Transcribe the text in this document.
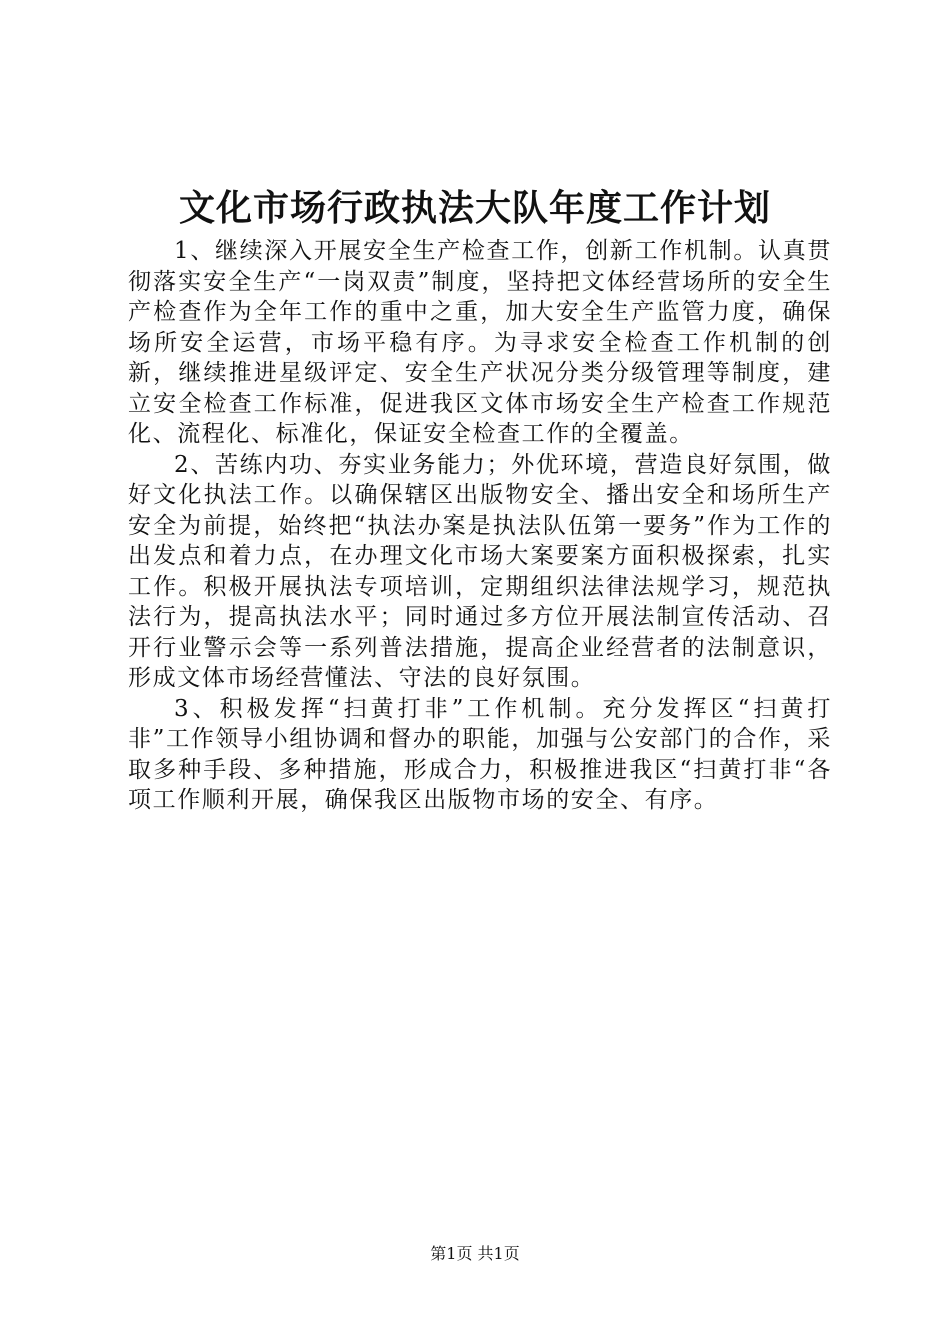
文化市场行政执法大队年度工作计划

1、继续深入开展安全生产检查工作，创新工作机制。认真贯彻落实安全生产“一岗双责”制度，坚持把文体经营场所的安全生产检查作为全年工作的重中之重，加大安全生产监管力度，确保场所安全运营，市场平稳有序。为寻求安全检查工作机制的创新，继续推进星级评定、安全生产状况分类分级管理等制度，建立安全检查工作标准，促进我区文体市场安全生产检查工作规范化、流程化、标准化，保证安全检查工作的全覆盖。

2、苦练内功、夯实业务能力；外优环境，营造良好氛围，做好文化执法工作。以确保辖区出版物安全、播出安全和场所生产安全为前提，始终把“执法办案是执法队伍第一要务”作为工作的出发点和着力点，在办理文化市场大案要案方面积极探索，扎实工作。积极开展执法专项培训，定期组织法律法规学习，规范执法行为，提高执法水平；同时通过多方位开展法制宣传活动、召开行业警示会等一系列普法措施，提高企业经营者的法制意识，形成文体市场经营懂法、守法的良好氛围。

3、积极发挥“扫黄打非”工作机制。充分发挥区“扫黄打非”工作领导小组协调和督办的职能，加强与公安部门的合作，采取多种手段、多种措施，形成合力，积极推进我区“扫黄打非“各项工作顺利开展，确保我区出版物市场的安全、有序。

第1页 共1页
